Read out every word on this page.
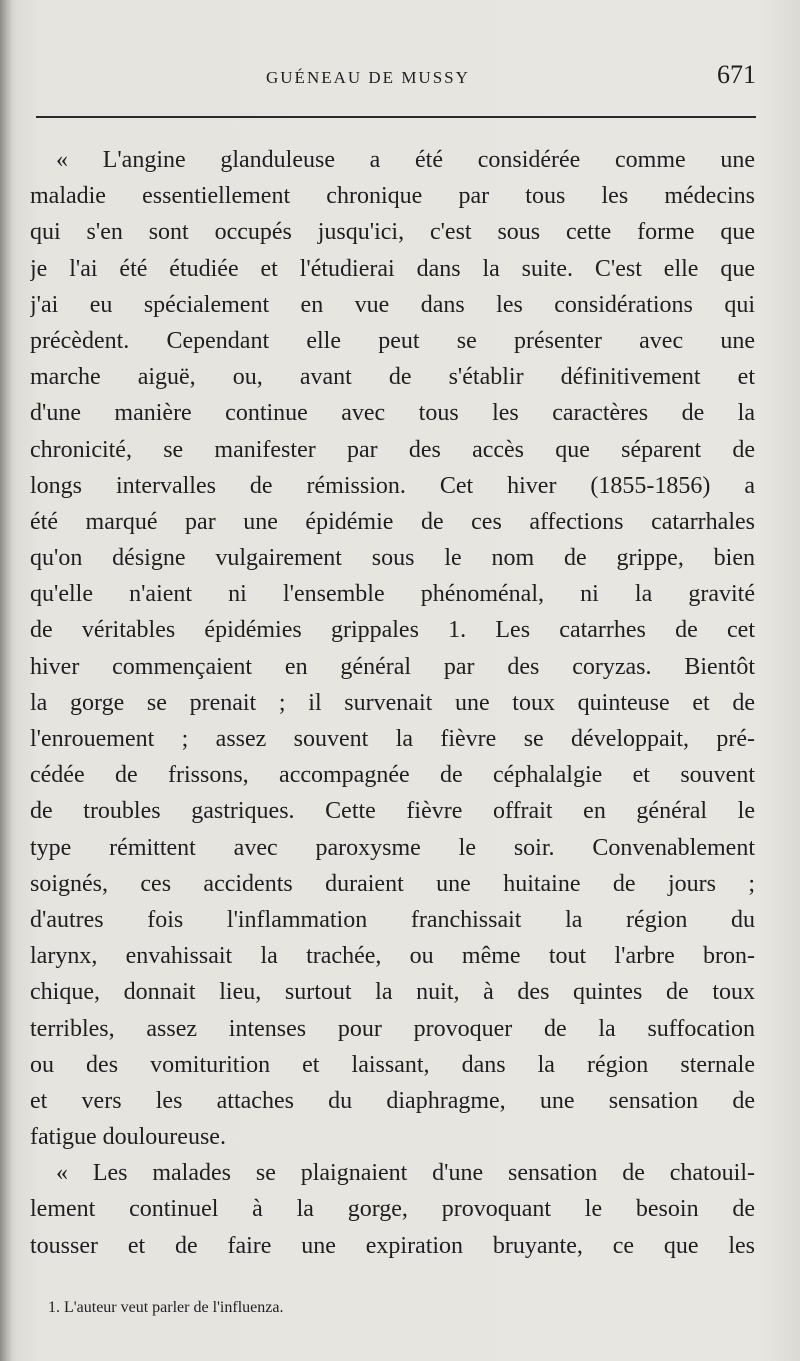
GUÉNEAU DE MUSSY	671
« L'angine glanduleuse a été considérée comme une
maladie essentiellement chronique par tous les médecins
qui s'en sont occupés jusqu'ici, c'est sous cette forme que
je l'ai été étudiée et l'étudierai dans la suite. C'est elle que
j'ai eu spécialement en vue dans les considérations qui
précèdent. Cependant elle peut se présenter avec une
marche aiguë, ou, avant de s'établir définitivement et
d'une manière continue avec tous les caractères de la
chronicité, se manifester par des accès que séparent de
longs intervalles de rémission. Cet hiver (1855-1856) a
été marqué par une épidémie de ces affections catarrhales
qu'on désigne vulgairement sous le nom de grippe, bien
qu'elle n'aient ni l'ensemble phénoménal, ni la gravité
de véritables épidémies grippales 1. Les catarrhes de cet
hiver commençaient en général par des coryzas. Bientôt
la gorge se prenait ; il survenait une toux quinteuse et de
l'enrouement ; assez souvent la fièvre se développait, pré-
cédée de frissons, accompagnée de céphalalgie et souvent
de troubles gastriques. Cette fièvre offrait en général le
type rémittent avec paroxysme le soir. Convenablement
soignés, ces accidents duraient une huitaine de jours ;
d'autres fois l'inflammation franchissait la région du
larynx, envahissait la trachée, ou même tout l'arbre bron-
chique, donnait lieu, surtout la nuit, à des quintes de toux
terribles, assez intenses pour provoquer de la suffocation
ou des vomiturition et laissant, dans la région sternale
et vers les attaches du diaphragme, une sensation de
fatigue douloureuse.
« Les malades se plaignaient d'une sensation de chatouil-
lement continuel à la gorge, provoquant le besoin de
tousser et de faire une expiration bruyante, ce que les
1. L'auteur veut parler de l'influenza.
